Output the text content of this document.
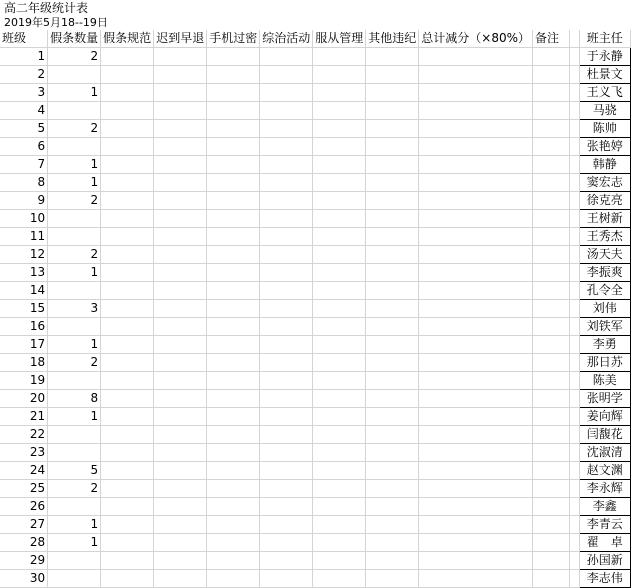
高二年级统计表
2019年5月18--19日
班级	假条数量	假条规范	迟到早退	手机过密	综治活动	服从管理	其他违纪	总计减分（×80%）	备注		班主任
1	2										于永静
2											杜景文
3	1										王义飞
4											马骁
5	2										陈帅
6											张艳婷
7	1										韩静
8	1										窦宏志
9	2										徐克亮
10											王树新
11											王秀杰
12	2										汤天夫
13	1										李振爽
14											孔令全
15	3										刘伟
16											刘铁军
17	1										李勇
18	2										那日苏
19											陈美
20	8										张明学
21	1										姜向辉
22											闫馥花
23											沈淑清
24	5										赵文渊
25	2										李永辉
26											李鑫
27	1										李青云
28	1										翟　卓
29											孙国新
30											李志伟
